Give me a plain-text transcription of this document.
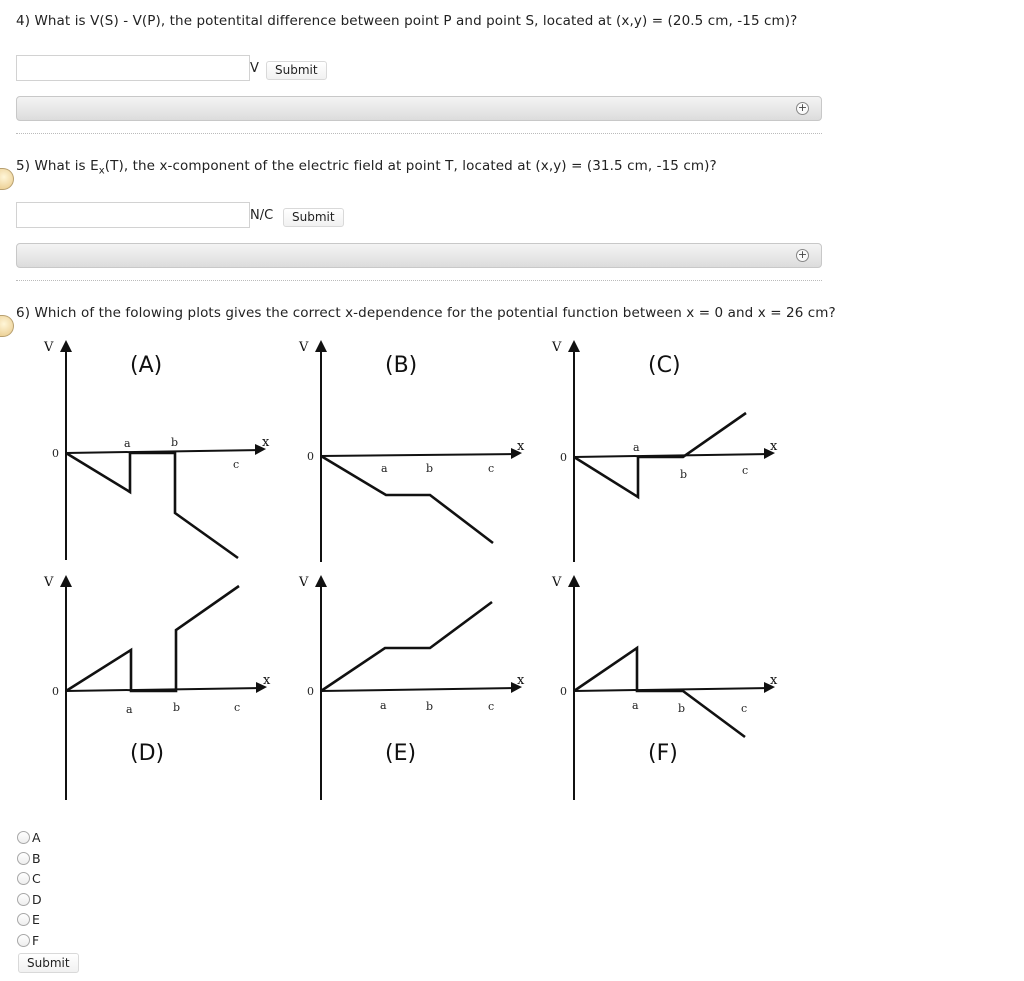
4) What is V(S) - V(P), the potentital difference between point P and point S, located at (x,y) = (20.5 cm, -15 cm)?
V	Submit
+
5) What is $E_x(T)$, the x-component of the electric field at point T, located at (x,y) = (31.5 cm, -15 cm)?
N/C	Submit
+
6) Which of the folowing plots gives the correct x-dependence for the potential function between x = 0 and x = 26 cm?
V
x
0
a	b
c
(A)
V
x
0
a	b	c
(B)
V
x
0
a
b	c
(C)
V
x
0
a	b	c
(D)
V
x
0
a	b	c
(E)
V
x
0
a	b	c
(F)
A
B
C
D
E
F
Submit
